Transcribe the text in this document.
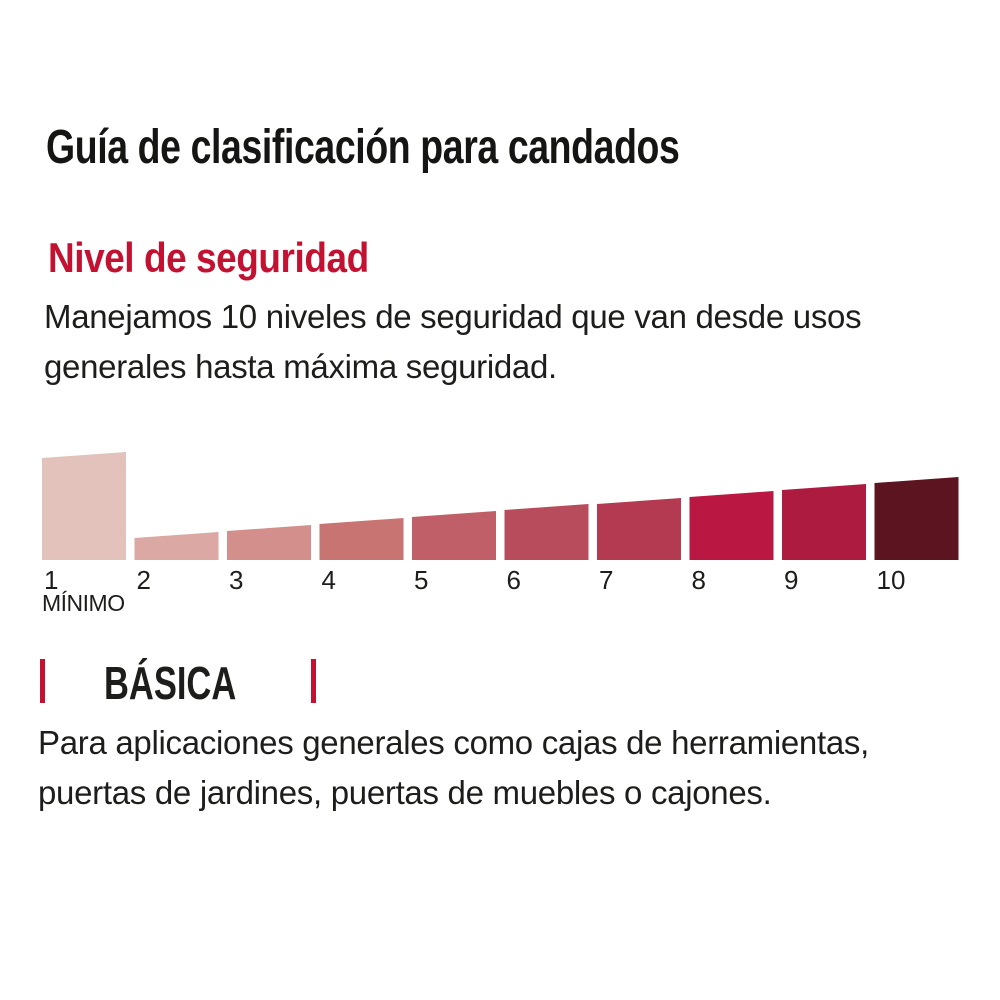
Guía de clasificación para candados
Nivel de seguridad
Manejamos 10 niveles de seguridad que van desde usos
generales hasta máxima seguridad.
1	2	3	4	5	6	7	8	9	10
MÍNIMO
BÁSICA
Para aplicaciones generales como cajas de herramientas,
puertas de jardines, puertas de muebles o cajones.
